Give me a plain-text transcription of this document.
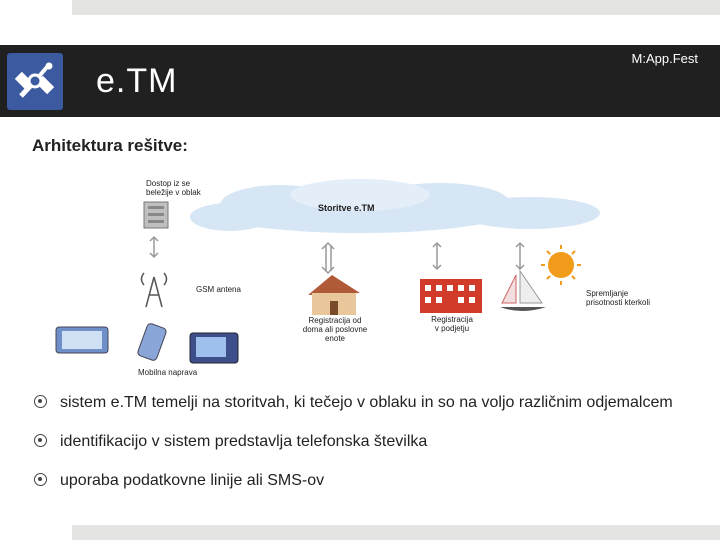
e.TM
M:App.Fest
Arhitektura rešitve:
Storitve e.TM
Dostop iz se
beležije v oblak
GSM antena
Mobilna naprava
Registracija od
doma ali poslovne
enote
Registracija
v podjetju
Spremljanje
prisotnosti kterkoli
sistem e.TM temelji na storitvah, ki tečejo v oblaku in so na voljo različnim odjemalcem
identifikacijo v sistem predstavlja telefonska številka
uporaba podatkovne linije ali SMS-ov
